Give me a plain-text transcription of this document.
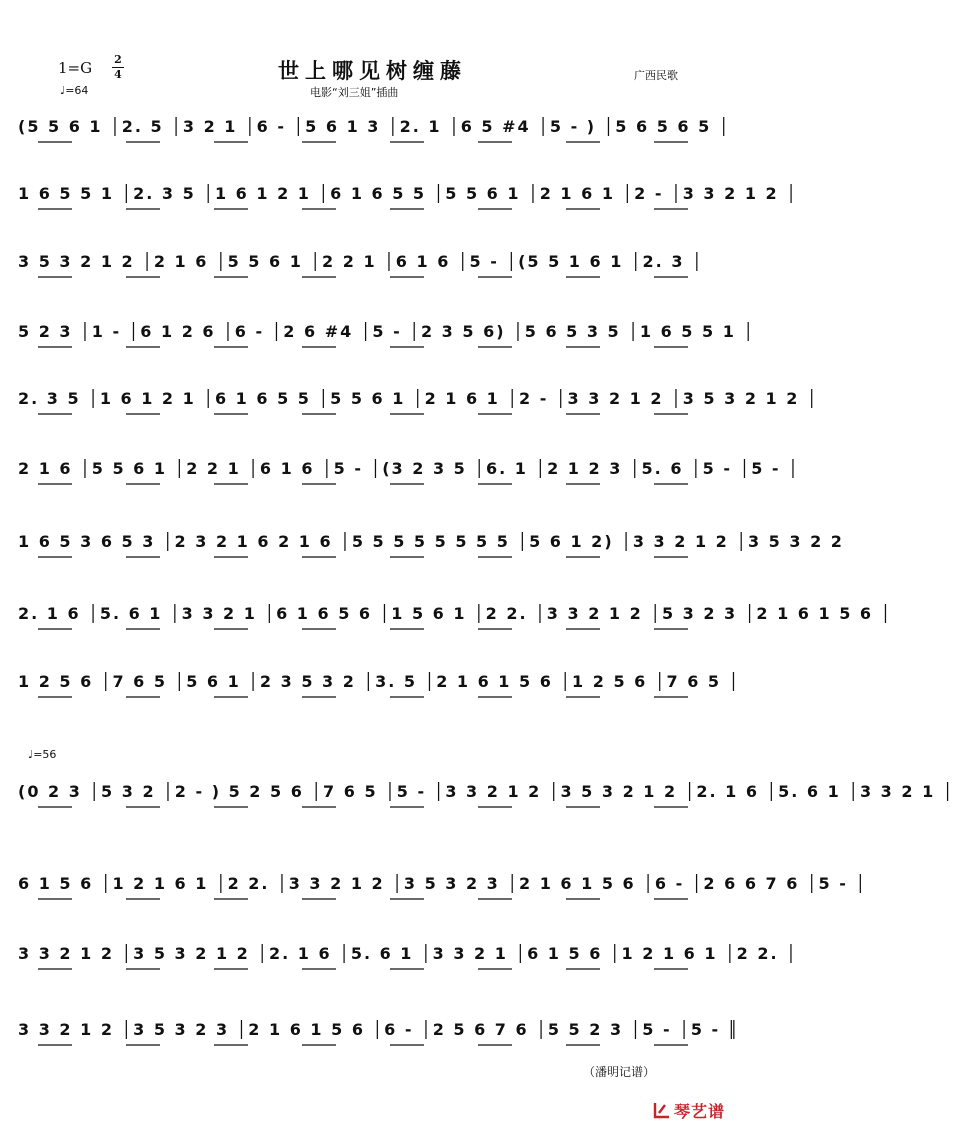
1=G 2
4
♩=64
世上哪见树缠藤
电影“刘三姐”插曲
广西民歌
(5 5 6 1 │2. 5 │3 2 1 │6 - │5 6 1 3 │2. 1 │6 5 #4 │5 - ) │5 6 5 6 5 │
1 6 5 5 1 │2. 3 5 │1 6 1 2 1 │6 1 6 5 5 │5 5 6 1 │2 1 6 1 │2 - │3 3 2 1 2 │
3 5 3 2 1 2 │2 1 6 │5 5 6 1 │2 2 1 │6 1 6 │5 - │(5 5 1 6 1 │2. 3 │
5 2 3 │1 - │6 1 2 6 │6 - │2 6 #4 │5 - │2 3 5 6) │5 6 5 3 5 │1 6 5 5 1 │
2. 3 5 │1 6 1 2 1 │6 1 6 5 5 │5 5 6 1 │2 1 6 1 │2 - │3 3 2 1 2 │3 5 3 2 1 2 │
2 1 6 │5 5 6 1 │2 2 1 │6 1 6 │5 - │(3 2 3 5 │6. 1 │2 1 2 3 │5. 6 │5 - │5 - │
1 6 5 3 6 5 3 │2 3 2 1 6 2 1 6 │5 5 5 5 5 5 5 5 │5 6 1 2) │3 3 2 1 2 │3 5 3 2 2
2. 1 6 │5. 6 1 │3 3 2 1 │6 1 6 5 6 │1 5 6 1 │2 2. │3 3 2 1 2 │5 3 2 3 │2 1 6 1 5 6 │
1 2 5 6 │7 6 5 │5 6 1 │2 3 5 3 2 │3. 5 │2 1 6 1 5 6 │1 2 5 6 │7 6 5 │
♩=56
(0 2 3 │5 3 2 │2 - ) 5 2 5 6 │7 6 5 │5 - │3 3 2 1 2 │3 5 3 2 1 2 │2. 1 6 │5. 6 1 │3 3 2 1 │
6 1 5 6 │1 2 1 6 1 │2 2. │3 3 2 1 2 │3 5 3 2 3 │2 1 6 1 5 6 │6 - │2 6 6 7 6 │5 - │
3 3 2 1 2 │3 5 3 2 1 2 │2. 1 6 │5. 6 1 │3 3 2 1 │6 1 5 6 │1 2 1 6 1 │2 2. │
3 3 2 1 2 │3 5 3 2 3 │2 1 6 1 5 6 │6 - │2 5 6 7 6 │5 5 2 3 │5 - │5 - ║
（潘明记谱）
琴艺谱
